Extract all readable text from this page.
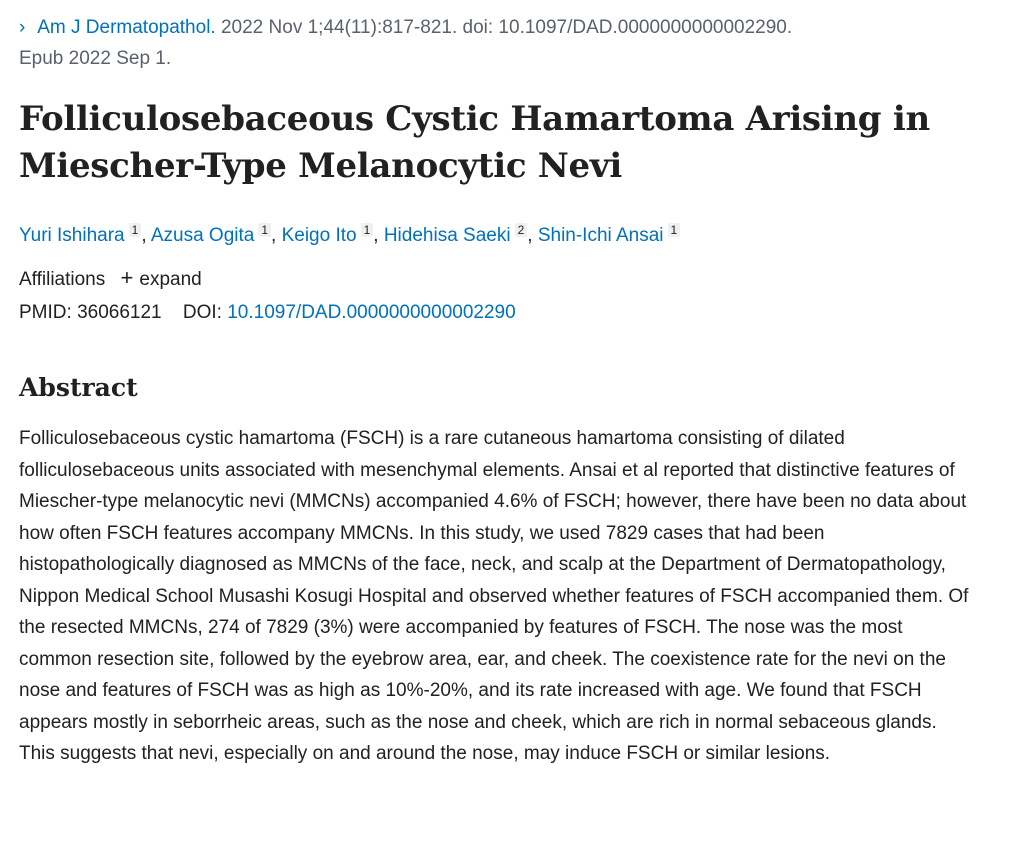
› Am J Dermatopathol. 2022 Nov 1;44(11):817-821. doi: 10.1097/DAD.0000000000002290.
Epub 2022 Sep 1.
Folliculosebaceous Cystic Hamartoma Arising in Miescher-Type Melanocytic Nevi
Yuri Ishihara $^1$ , Azusa Ogita $^1$ , Keigo Ito $^1$ , Hidehisa Saeki $^2$ , Shin-Ichi Ansai $^1$
Affiliations + expand
PMID: 36066121 DOI: 10.1097/DAD.0000000000002290
Abstract

Folliculosebaceous cystic hamartoma (FSCH) is a rare cutaneous hamartoma consisting of dilated folliculosebaceous units associated with mesenchymal elements. Ansai et al reported that distinctive features of Miescher-type melanocytic nevi (MMCNs) accompanied 4.6% of FSCH; however, there have been no data about how often FSCH features accompany MMCNs. In this study, we used 7829 cases that had been histopathologically diagnosed as MMCNs of the face, neck, and scalp at the Department of Dermatopathology, Nippon Medical School Musashi Kosugi Hospital and observed whether features of FSCH accompanied them. Of the resected MMCNs, 274 of 7829 (3%) were accompanied by features of FSCH. The nose was the most common resection site, followed by the eyebrow area, ear, and cheek. The coexistence rate for the nevi on the nose and features of FSCH was as high as 10%-20%, and its rate increased with age. We found that FSCH appears mostly in seborrheic areas, such as the nose and cheek, which are rich in normal sebaceous glands. This suggests that nevi, especially on and around the nose, may induce FSCH or similar lesions.
